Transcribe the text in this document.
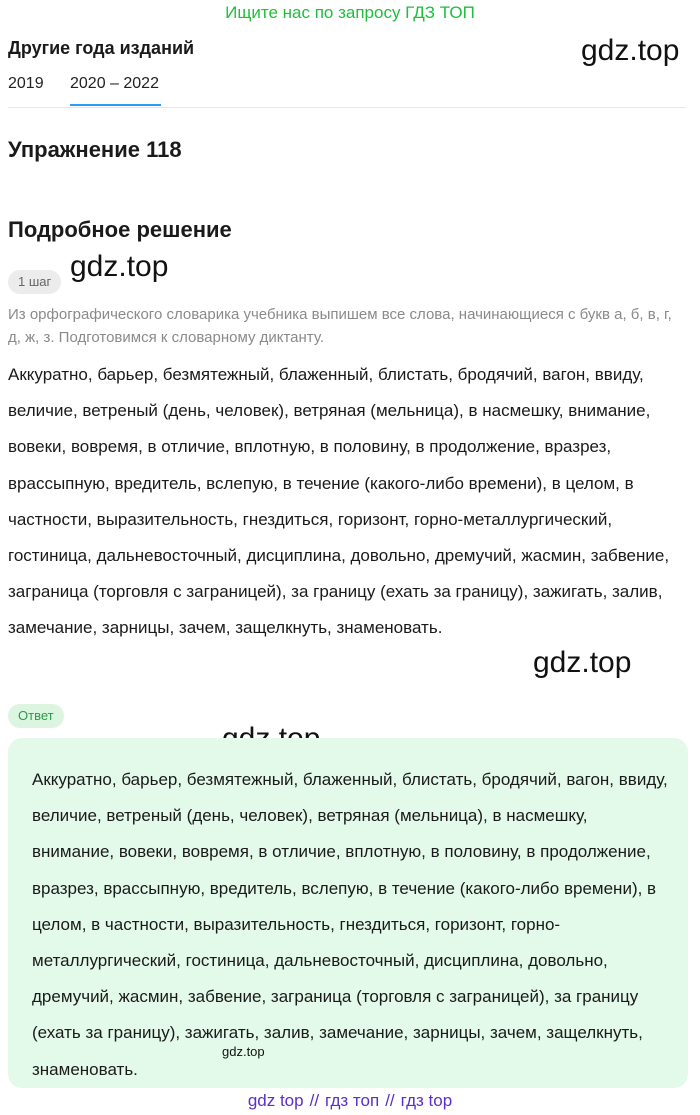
Ищите нас по запросу ГДЗ ТОП
Другие года изданий
2019 2020 – 2022
gdz.top
gdz.top
gdz.top
Упражнение 118
Подробное решение
1 шаг
Из орфографического словарика учебника выпишем все слова, начинающиеся с букв а, б, в, г, д, ж, з. Подготовимся к словарному диктанту.
Аккуратно, барьер, безмятежный, блаженный, блистать, бродячий, вагон, ввиду, величие, ветреный (день, человек), ветряная (мельница), в насмешку, внимание, вовеки, вовремя, в отличие, вплотную, в половину, в продолжение, вразрез, врассыпную, вредитель, вслепую, в течение (какого-либо времени), в целом, в частности, выразительность, гнездиться, горизонт, горно-металлургический, гостиница, дальневосточный, дисциплина, довольно, дремучий, жасмин, забвение, заграница (торговля с заграницей), за границу (ехать за границу), зажигать, залив, замечание, зарницы, зачем, защелкнуть, знаменовать.
Ответ
Аккуратно, барьер, безмятежный, блаженный, блистать, бродячий, вагон, ввиду, величие, ветреный (день, человек), ветряная (мельница), в насмешку, внимание, вовеки, вовремя, в отличие, вплотную, в половину, в продолжение, вразрез, врассыпную, вредитель, вслепую, в течение (какого-либо времени), в целом, в частности, выразительность, гнездиться, горизонт, горно-металлургический, гостиница, дальневосточный, дисциплина, довольно, дремучий, жасмин, забвение, заграница (торговля с заграницей), за границу (ехать за границу), зажигать, залив, замечание, зарницы, зачем, защелкнуть, знаменовать.
gdz.top
gdz top // гдз топ // гдз top
